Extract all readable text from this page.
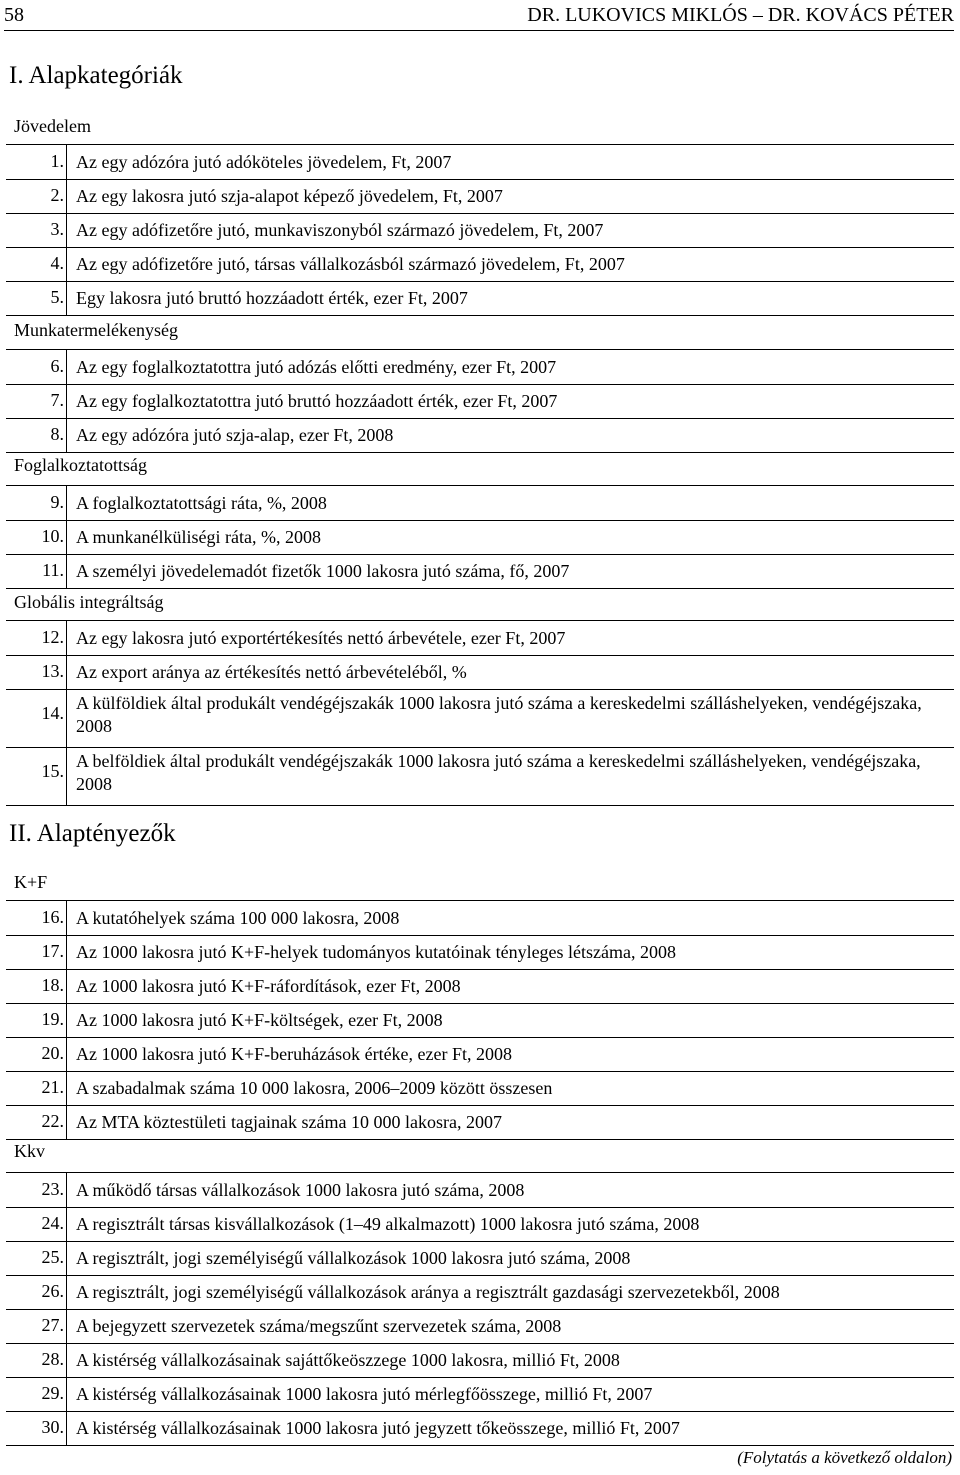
58	DR. LUKOVICS MIKLÓS – DR. KOVÁCS PÉTER
I. Alapkategóriák
Jövedelem
1. Az egy adózóra jutó adóköteles jövedelem, Ft, 2007
2. Az egy lakosra jutó szja-alapot képező jövedelem, Ft, 2007
3. Az egy adófizetőre jutó, munkaviszonyból származó jövedelem, Ft, 2007
4. Az egy adófizetőre jutó, társas vállalkozásból származó jövedelem, Ft, 2007
5. Egy lakosra jutó bruttó hozzáadott érték, ezer Ft, 2007
Munkatermelékenység
6. Az egy foglalkoztatottra jutó adózás előtti eredmény, ezer Ft, 2007
7. Az egy foglalkoztatottra jutó bruttó hozzáadott érték, ezer Ft, 2007
8. Az egy adózóra jutó szja-alap, ezer Ft, 2008
Foglalkoztatottság
9. A foglalkoztatottsági ráta, %, 2008
10. A munkanélküliségi ráta, %, 2008
11. A személyi jövedelemadót fizetők 1000 lakosra jutó száma, fő, 2007
Globális integráltság
12. Az egy lakosra jutó exportértékesítés nettó árbevétele, ezer Ft, 2007
13. Az export aránya az értékesítés nettó árbevételéből, %
14. A külföldiek által produkált vendégéjszakák 1000 lakosra jutó száma a kereskedelmi szálláshelyeken, vendégéjszaka, 2008
15. A belföldiek által produkált vendégéjszakák 1000 lakosra jutó száma a kereskedelmi szálláshelyeken, vendégéjszaka, 2008
II. Alaptényezők
K+F
16. A kutatóhelyek száma 100 000 lakosra, 2008
17. Az 1000 lakosra jutó K+F-helyek tudományos kutatóinak tényleges létszáma, 2008
18. Az 1000 lakosra jutó K+F-ráfordítások, ezer Ft, 2008
19. Az 1000 lakosra jutó K+F-költségek, ezer Ft, 2008
20. Az 1000 lakosra jutó K+F-beruházások értéke, ezer Ft, 2008
21. A szabadalmak száma 10 000 lakosra, 2006–2009 között összesen
22. Az MTA köztestületi tagjainak száma 10 000 lakosra, 2007
Kkv
23. A működő társas vállalkozások 1000 lakosra jutó száma, 2008
24. A regisztrált társas kisvállalkozások (1–49 alkalmazott) 1000 lakosra jutó száma, 2008
25. A regisztrált, jogi személyiségű vállalkozások 1000 lakosra jutó száma, 2008
26. A regisztrált, jogi személyiségű vállalkozások aránya a regisztrált gazdasági szervezetekből, 2008
27. A bejegyzett szervezetek száma/megszűnt szervezetek száma, 2008
28. A kistérség vállalkozásainak sajáttőkeöszzege 1000 lakosra, millió Ft, 2008
29. A kistérség vállalkozásainak 1000 lakosra jutó mérlegfőösszege, millió Ft, 2007
30. A kistérség vállalkozásainak 1000 lakosra jutó jegyzett tőkeösszege, millió Ft, 2007
(Folytatás a következő oldalon)
